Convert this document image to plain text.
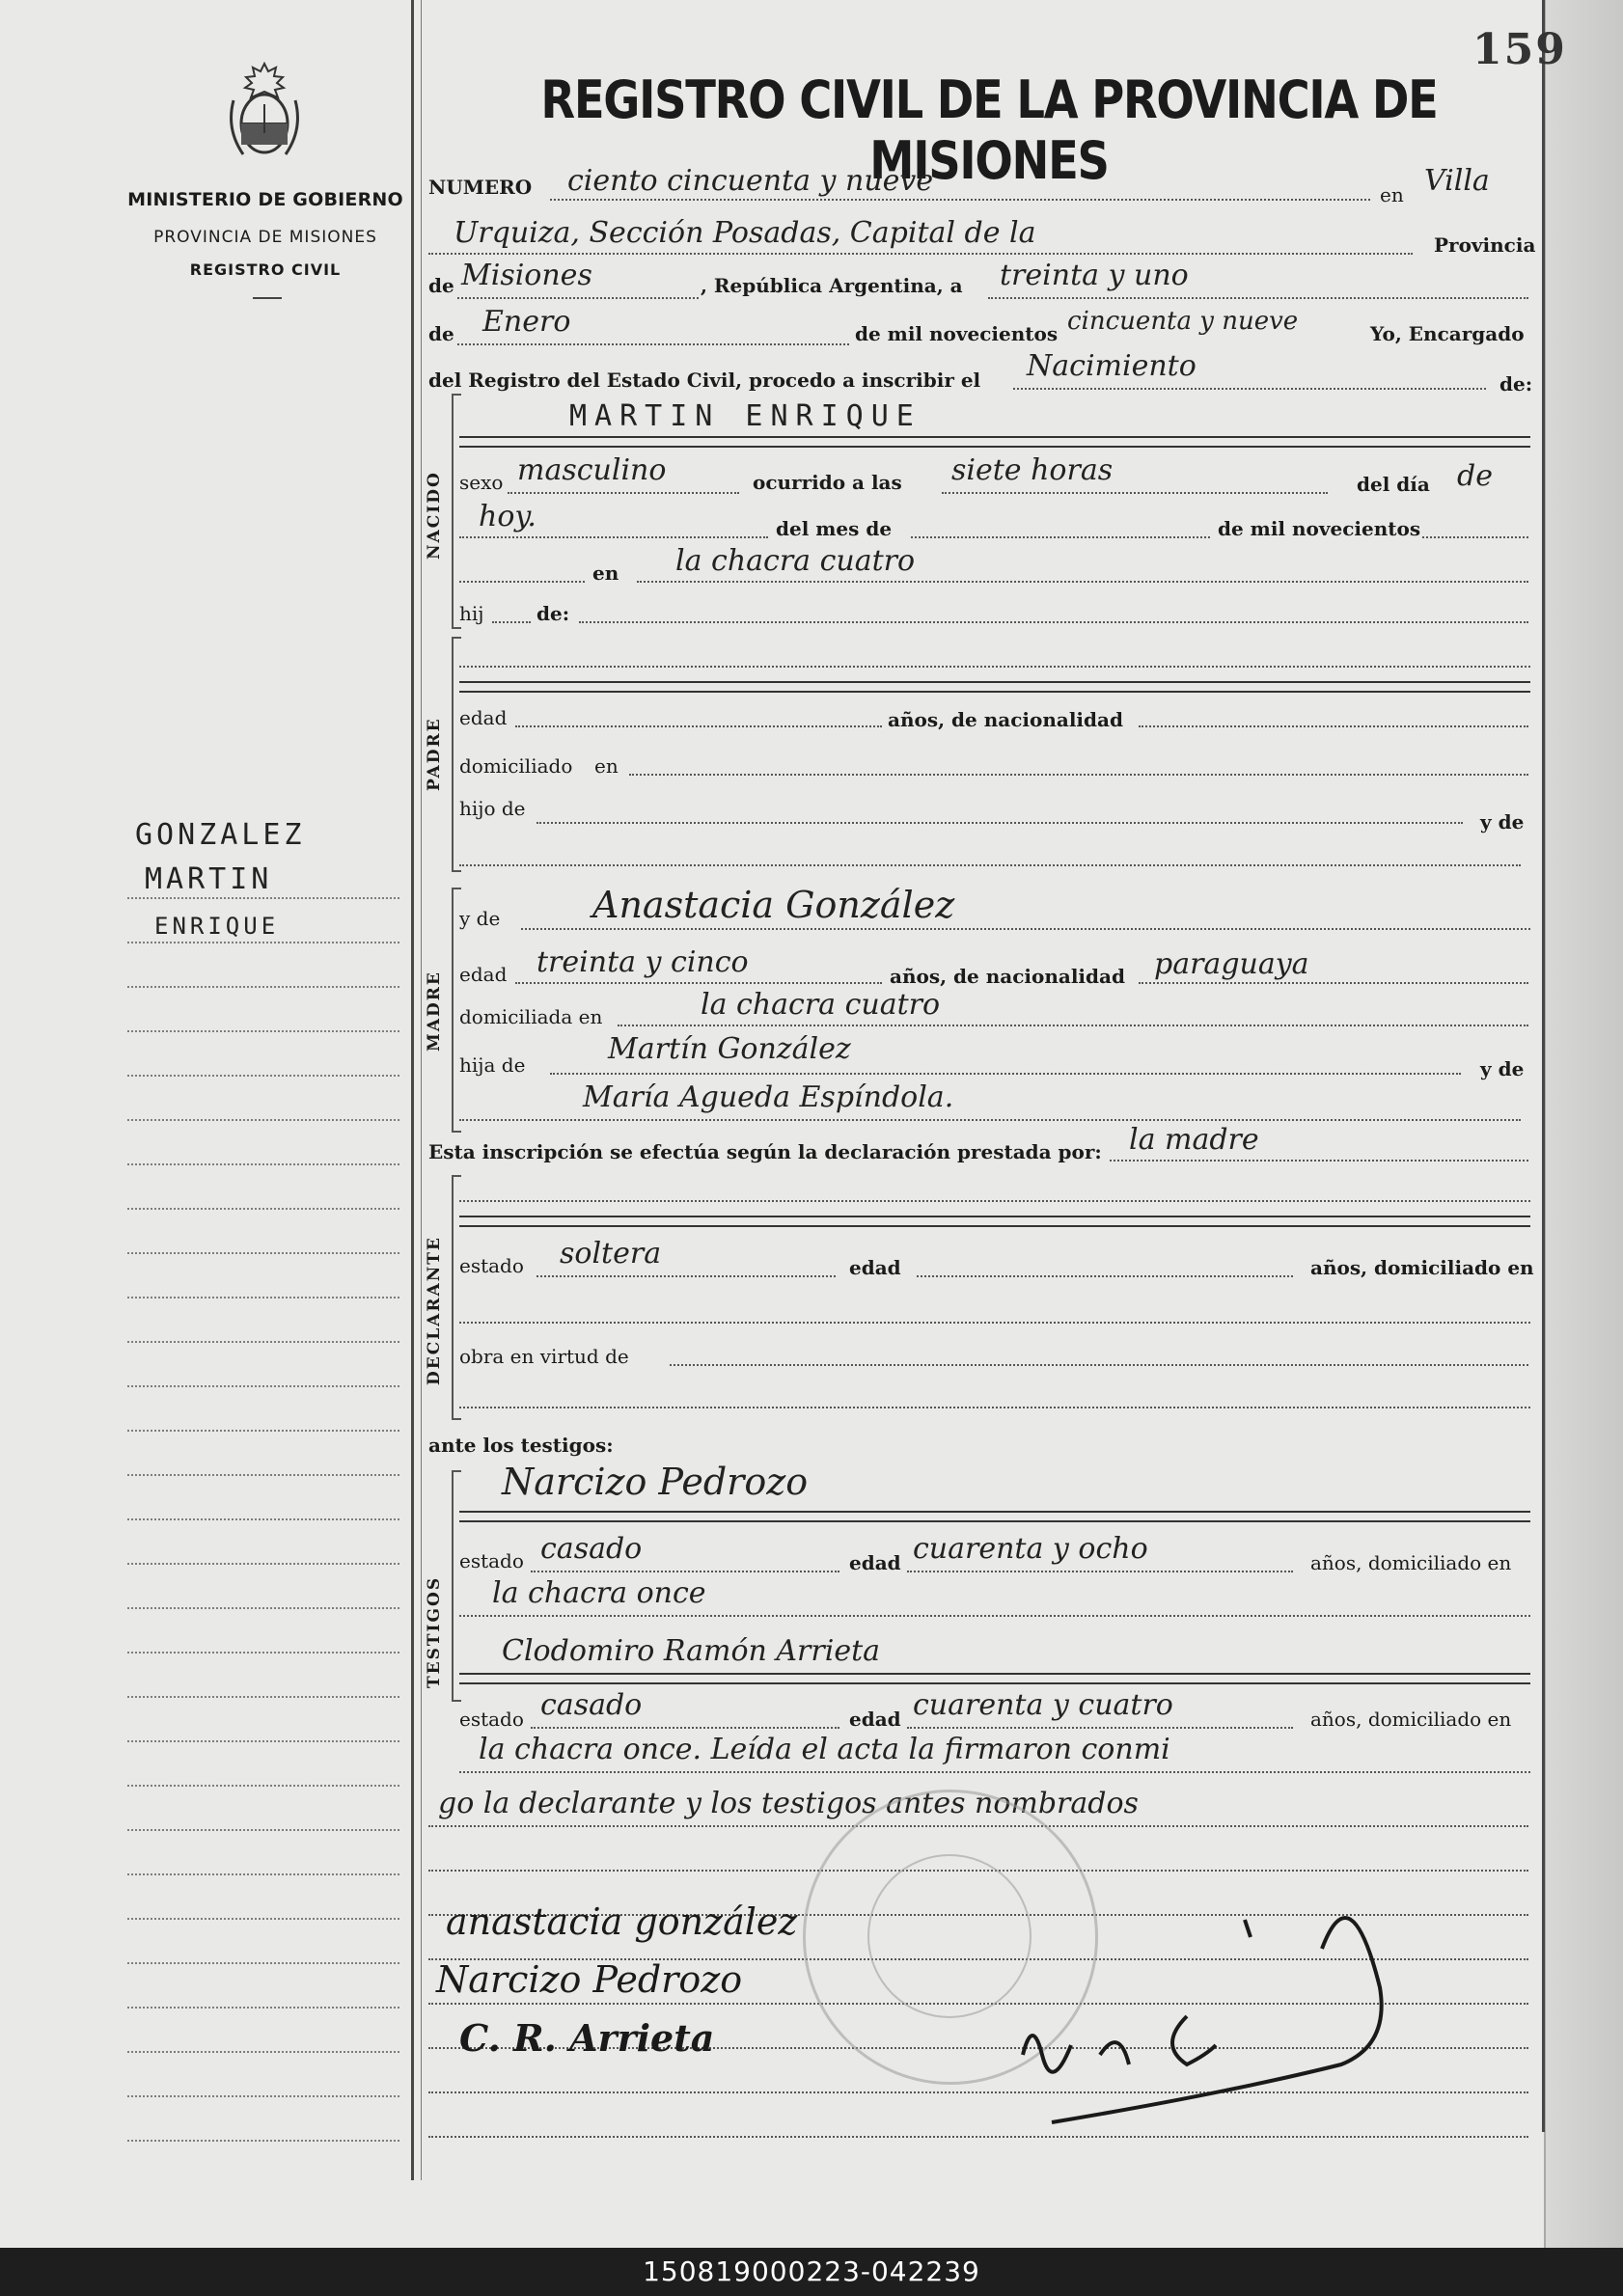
MINISTERIO DE GOBIERNO
PROVINCIA DE MISIONES
REGISTRO CIVIL
159
REGISTRO CIVIL DE LA PROVINCIA DE MISIONES
GONZALEZ
MARTIN
ENRIQUE
NUMERO ciento cincuenta y nueve	en Villa
Urquiza, Sección Posadas, Capital de la	Provincia
de Misiones	, República Argentina, a treinta y uno
de Enero	de mil novecientos cincuenta y nueve	Yo, Encargado
del Registro del Estado Civil, procedo a inscribir el Nacimiento
de:
NACIDO
MARTIN ENRIQUE
sexo masculino	ocurrido a las siete horas	del día de
hoy.	del mes de	de mil novecientos
en la chacra cuatro
hij	de:
PADRE edad	años, de nacionalidad
domiciliado en
hijo de
y de
MADRE
y de	Anastacia González
edad treinta y cinco	años, de nacionalidad paraguaya
domiciliada en	la chacra cuatro
hija de	Martín González
y de
María Agueda Espíndola.
Esta inscripción se efectúa según la declaración prestada por: la madre
DECLARANTE estado soltera	edad	años, domiciliado en
obra en virtud de
ante los testigos:
TESTIGOS
Narcizo Pedrozo
estado casado	edad cuarenta y ocho	años, domiciliado en
la chacra once
Clodomiro Ramón Arrieta
estado casado	edad cuarenta y cuatro	años, domiciliado en
la chacra once. Leída el acta la firmaron conmi
go la declarante y los testigos antes nombrados
anastacia gonzález
Narcizo Pedrozo
C. R. Arrieta
150819000223-042239
